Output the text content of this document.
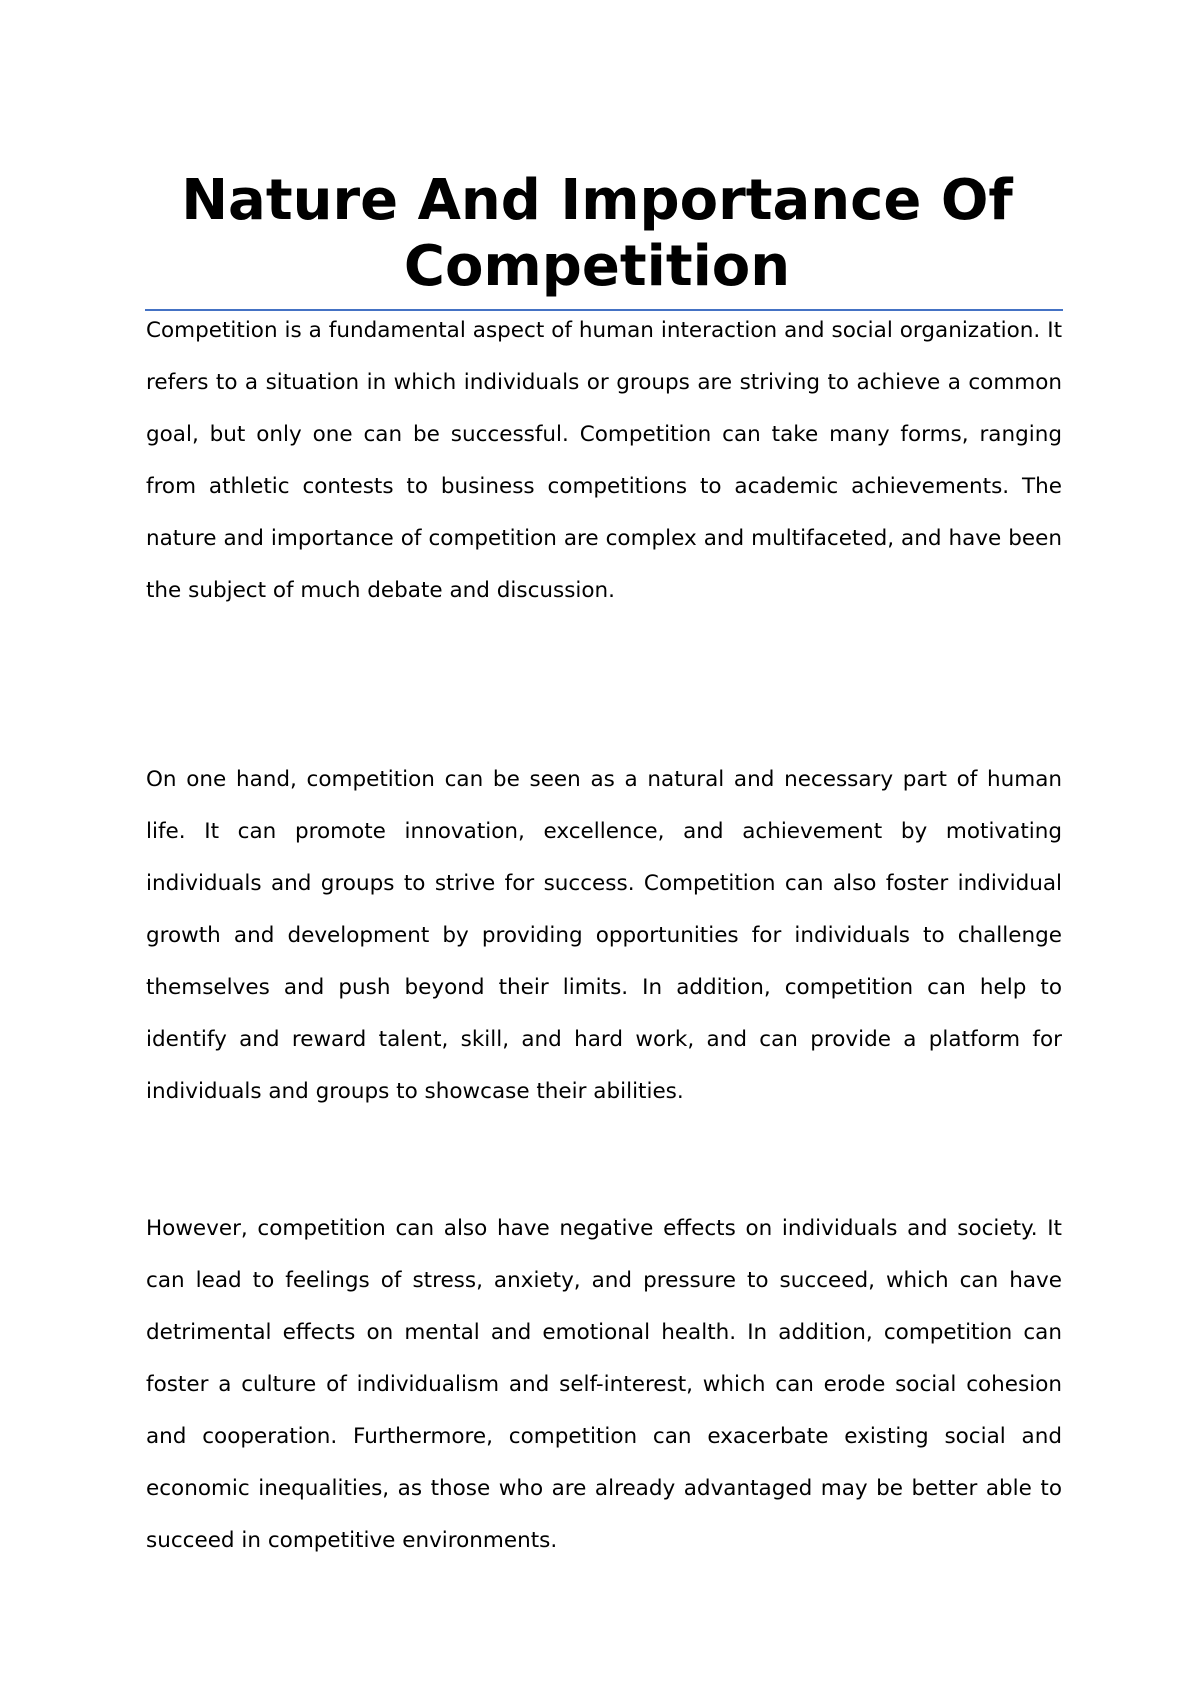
Nature And Importance Of Competition

Competition is a fundamental aspect of human interaction and social organization. It refers to a situation in which individuals or groups are striving to achieve a common goal, but only one can be successful. Competition can take many forms, ranging from athletic contests to business competitions to academic achievements. The nature and importance of competition are complex and multifaceted, and have been the subject of much debate and discussion.

On one hand, competition can be seen as a natural and necessary part of human life. It can promote innovation, excellence, and achievement by motivating individuals and groups to strive for success. Competition can also foster individual growth and development by providing opportunities for individuals to challenge themselves and push beyond their limits. In addition, competition can help to identify and reward talent, skill, and hard work, and can provide a platform for individuals and groups to showcase their abilities.

However, competition can also have negative effects on individuals and society. It can lead to feelings of stress, anxiety, and pressure to succeed, which can have detrimental effects on mental and emotional health. In addition, competition can foster a culture of individualism and self-interest, which can erode social cohesion and cooperation. Furthermore, competition can exacerbate existing social and economic inequalities, as those who are already advantaged may be better able to succeed in competitive environments.
